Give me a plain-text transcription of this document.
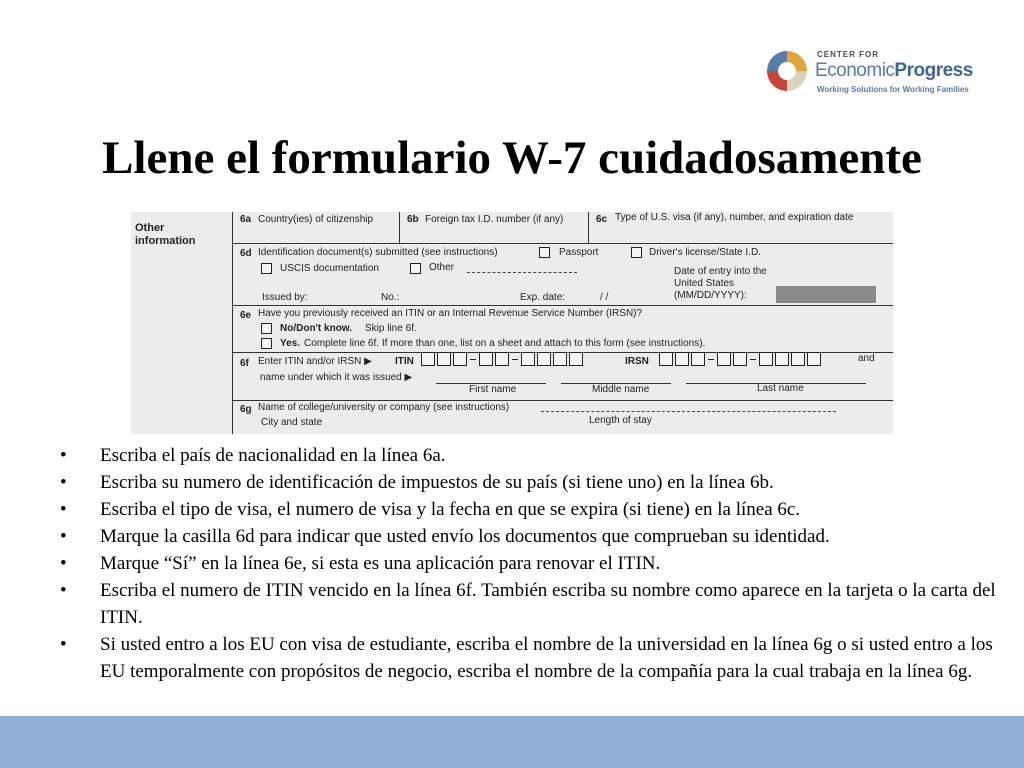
CENTER FOR
EconomicProgress
Working Solutions for Working Families
Llene el formulario W-7 cuidadosamente
Other
information
6a Country(ies) of citizenship	6b Foreign tax I.D. number (if any)	6c Type of U.S. visa (if any), number, and expiration date
6d Identification document(s) submitted (see instructions)	Passport	Driver's license/State I.D.
USCIS documentation	Other	Date of entry into the
United States
(MM/DD/YYYY):
Issued by:	No.:	Exp. date:	/ /
6e Have you previously received an ITIN or an Internal Revenue Service Number (IRSN)?
No/Don't know. Skip line 6f.
Yes. Complete line 6f. If more than one, list on a sheet and attach to this form (see instructions).
6f Enter ITIN and/or IRSN ▶ ITIN	IRSN	and
name under which it was issued ▶
First name	Middle name	Last name
6g Name of college/university or company (see instructions)
City and state	Length of stay
• Escriba el país de nacionalidad en la línea 6a.
• Escriba su numero de identificación de impuestos de su país (si tiene uno) en la línea 6b.
• Escriba el tipo de visa, el numero de visa y la fecha en que se expira (si tiene) en la línea 6c.
• Marque la casilla 6d para indicar que usted envío los documentos que comprueban su identidad.
• Marque “Sí” en la línea 6e, si esta es una aplicación para renovar el ITIN.
• Escriba el numero de ITIN vencido en la línea 6f. También escriba su nombre como aparece en la tarjeta o la carta del ITIN.
• Si usted entro a los EU con visa de estudiante, escriba el nombre de la universidad en la línea 6g o si usted entro a los EU temporalmente con propósitos de negocio, escriba el nombre de la compañía para la cual trabaja en la línea 6g.
